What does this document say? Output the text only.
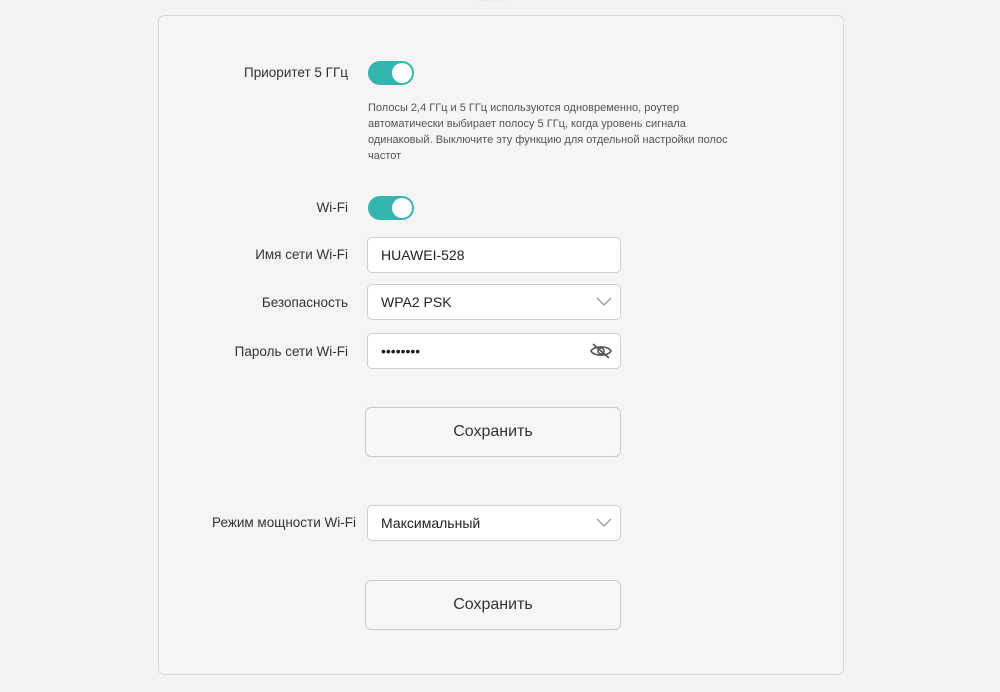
Приоритет 5 ГГц
Полосы 2,4 ГГц и 5 ГГц используются одновременно, роутер автоматически выбирает полосу 5 ГГц, когда уровень сигнала одинаковый. Выключите эту функцию для отдельной настройки полос частот
Wi-Fi
Имя сети Wi-Fi HUAWEI-528
Безопасность WPA2 PSK
Пароль сети Wi-Fi ••••••••
Сохранить
Режим мощности Wi-Fi Максимальный
Сохранить
